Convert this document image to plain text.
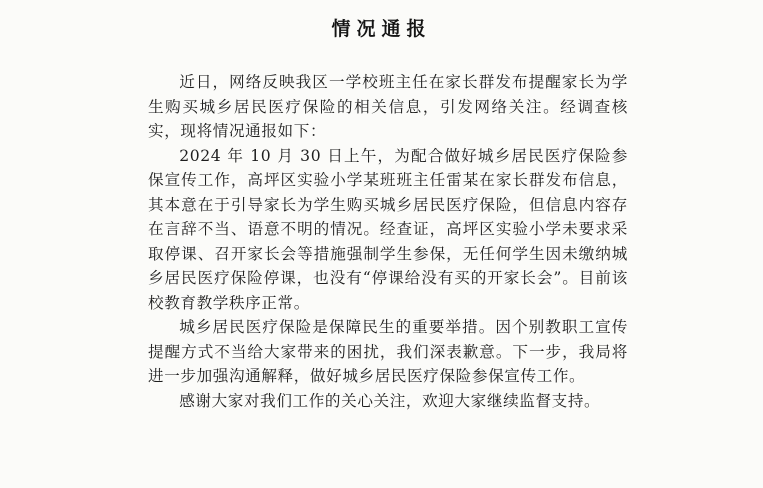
情况通报

近日，网络反映我区一学校班主任在家长群发布提醒家长为学生购买城乡居民医疗保险的相关信息，引发网络关注。经调查核实，现将情况通报如下：

2024 年 10 月 30 日上午，为配合做好城乡居民医疗保险参保宣传工作，高坪区实验小学某班班主任雷某在家长群发布信息，其本意在于引导家长为学生购买城乡居民医疗保险，但信息内容存在言辞不当、语意不明的情况。经查证，高坪区实验小学未要求采取停课、召开家长会等措施强制学生参保，无任何学生因未缴纳城乡居民医疗保险停课，也没有“停课给没有买的开家长会”。目前该校教育教学秩序正常。

城乡居民医疗保险是保障民生的重要举措。因个别教职工宣传提醒方式不当给大家带来的困扰，我们深表歉意。下一步，我局将进一步加强沟通解释，做好城乡居民医疗保险参保宣传工作。

感谢大家对我们工作的关心关注，欢迎大家继续监督支持。
